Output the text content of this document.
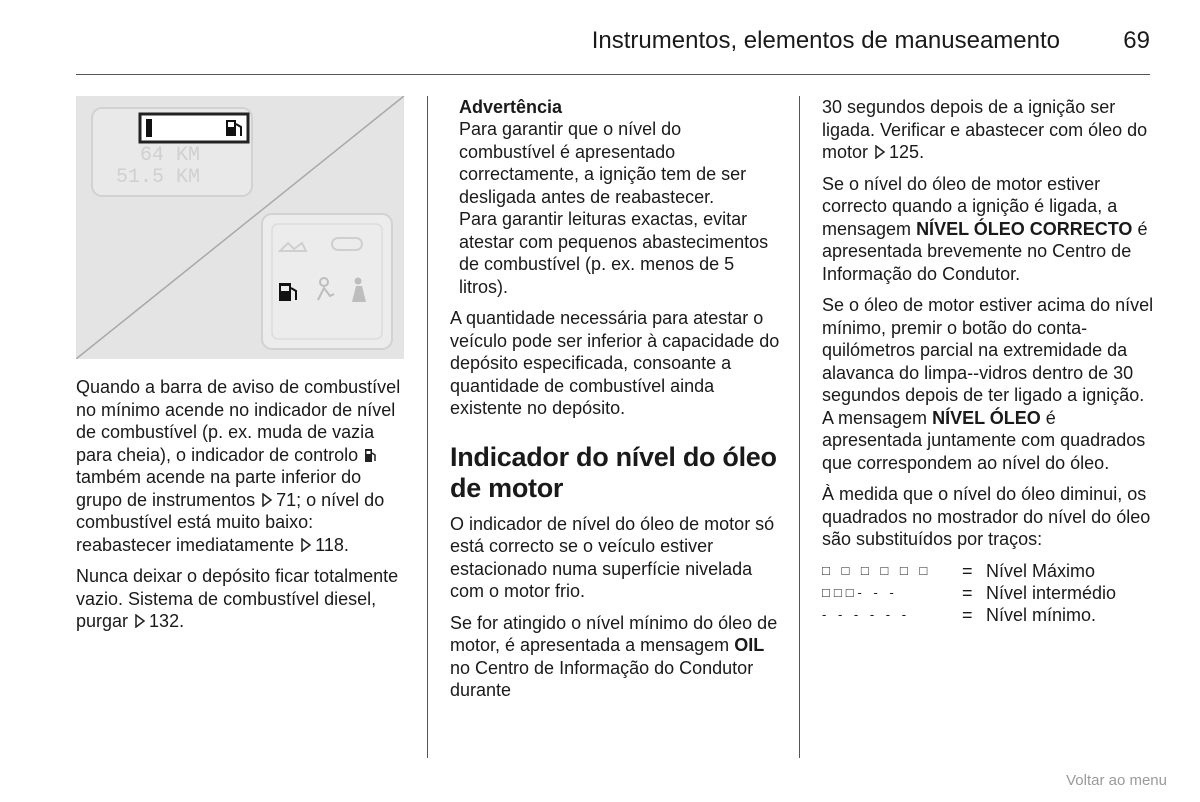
Instrumentos, elementos de manuseamento	69
64 KM
51.5 KM

Quando a barra de aviso de combustível no mínimo acende no indicador de nível de combustível (p. ex. muda de vazia para cheia), o indicador de controlo  também acende na parte inferior do grupo de instrumentos 71; o nível do combustível está muito baixo: reabastecer imediatamente 118.

Nunca deixar o depósito ficar totalmente vazio. Sistema de combustível diesel, purgar 132.

Advertência
Para garantir que o nível do combustível é apresentado correctamente, a ignição tem de ser desligada antes de reabastecer.
Para garantir leituras exactas, evitar atestar com pequenos abastecimentos de combustível (p. ex. menos de 5 litros).

A quantidade necessária para atestar o veículo pode ser inferior à capacidade do depósito especificada, consoante a quantidade de combustível ainda existente no depósito.

Indicador do nível do óleo de motor

O indicador de nível do óleo de motor só está correcto se o veículo estiver estacionado numa superfície nivelada com o motor frio.

Se for atingido o nível mínimo do óleo de motor, é apresentada a mensagem OIL no Centro de Informação do Condutor durante

30 segundos depois de a ignição ser ligada. Verificar e abastecer com óleo do motor 125.

Se o nível do óleo de motor estiver correcto quando a ignição é ligada, a mensagem NÍVEL ÓLEO CORRECTO é apresentada brevemente no Centro de Informação do Condutor.

Se o óleo de motor estiver acima do nível mínimo, premir o botão do conta-quilómetros parcial na extremidade da alavanca do limpa--vidros dentro de 30 segundos depois de ter ligado a ignição. A mensagem NÍVEL ÓLEO é apresentada juntamente com quadrados que correspondem ao nível do óleo.

À medida que o nível do óleo diminui, os quadrados no mostrador do nível do óleo são substituídos por traços:

□ □ □ □ □ □	=	Nível Máximo
□□□- - -	=	Nível intermédio
- - - - - -	=	Nível mínimo.
Voltar ao menu
